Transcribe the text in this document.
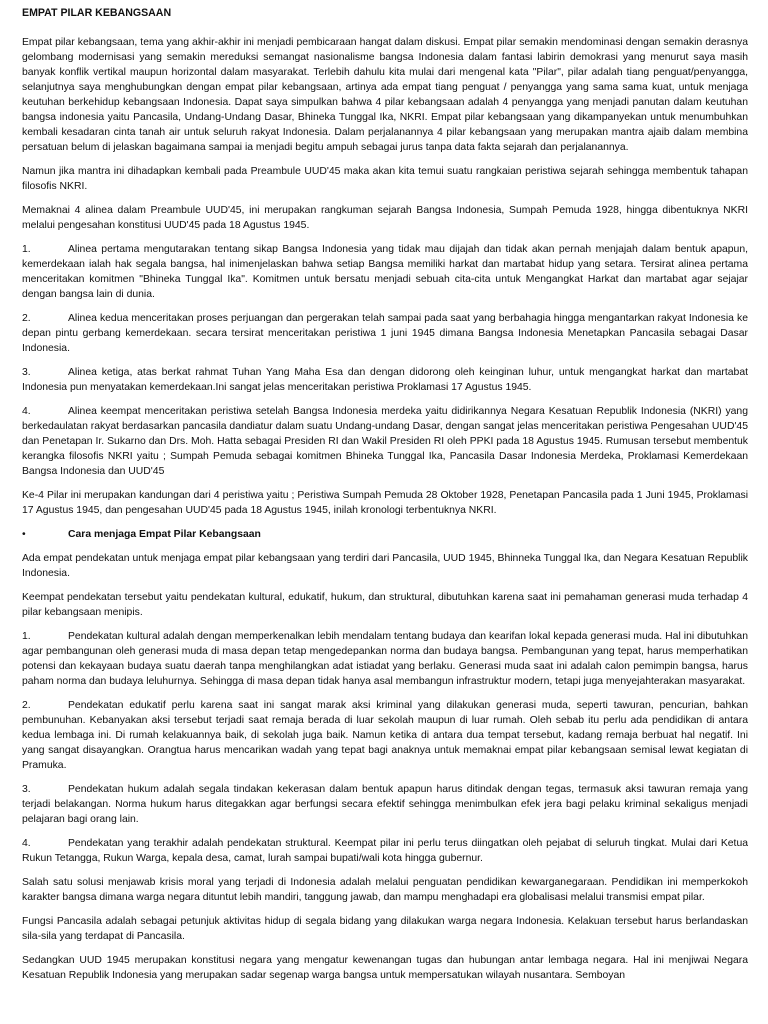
EMPAT PILAR KEBANGSAAN

Empat pilar kebangsaan, tema yang akhir-akhir ini menjadi pembicaraan hangat dalam diskusi. Empat pilar semakin mendominasi dengan semakin derasnya gelombang modernisasi yang semakin mereduksi semangat nasionalisme bangsa Indonesia dalam fantasi labirin demokrasi yang menurut saya masih banyak konflik vertikal maupun horizontal dalam masyarakat. Terlebih dahulu kita mulai dari mengenal kata "Pilar", pilar adalah tiang penguat/penyangga, selanjutnya saya menghubungkan dengan empat pilar kebangsaan, artinya ada empat tiang penguat / penyangga yang sama sama kuat, untuk menjaga keutuhan berkehidup kebangsaan Indonesia. Dapat saya simpulkan bahwa 4 pilar kebangsaan adalah 4 penyangga yang menjadi panutan dalam keutuhan bangsa indonesia yaitu Pancasila, Undang-Undang Dasar, Bhineka Tunggal Ika, NKRI. Empat pilar kebangsaan yang dikampanyekan untuk menumbuhkan kembali kesadaran cinta tanah air untuk seluruh rakyat Indonesia. Dalam perjalanannya 4 pilar kebangsaan yang merupakan mantra ajaib dalam membina persatuan belum di jelaskan bagaimana sampai ia menjadi begitu ampuh sebagai jurus tanpa data fakta sejarah dan perjalanannya.

Namun jika mantra ini dihadapkan kembali pada Preambule UUD'45 maka akan kita temui suatu rangkaian peristiwa sejarah sehingga membentuk tahapan filosofis NKRI.

Memaknai 4 alinea dalam Preambule UUD'45, ini merupakan rangkuman sejarah Bangsa Indonesia, Sumpah Pemuda 1928, hingga dibentuknya NKRI melalui pengesahan konstitusi UUD'45 pada 18 Agustus 1945.

1.	Alinea pertama mengutarakan tentang sikap Bangsa Indonesia yang tidak mau dijajah dan tidak akan pernah menjajah dalam bentuk apapun, kemerdekaan ialah hak segala bangsa, hal inimenjelaskan bahwa setiap Bangsa memiliki harkat dan martabat hidup yang setara. Tersirat alinea pertama menceritakan komitmen "Bhineka Tunggal Ika". Komitmen untuk bersatu menjadi sebuah cita-cita untuk Mengangkat Harkat dan martabat agar sejajar dengan bangsa lain di dunia.

2.	Alinea kedua menceritakan proses perjuangan dan pergerakan telah sampai pada saat yang berbahagia hingga mengantarkan rakyat Indonesia ke depan pintu gerbang kemerdekaan. secara tersirat menceritakan peristiwa 1 juni 1945 dimana Bangsa Indonesia Menetapkan Pancasila sebagai Dasar Indonesia.

3.	Alinea ketiga, atas berkat rahmat Tuhan Yang Maha Esa dan dengan didorong oleh keinginan luhur, untuk mengangkat harkat dan martabat Indonesia pun menyatakan kemerdekaan.Ini sangat jelas menceritakan peristiwa Proklamasi 17 Agustus 1945.

4.	Alinea keempat menceritakan peristiwa setelah Bangsa Indonesia merdeka yaitu didirikannya Negara Kesatuan Republik Indonesia (NKRI) yang berkedaulatan rakyat berdasarkan pancasila dandiatur dalam suatu Undang-undang Dasar, dengan sangat jelas menceritakan peristiwa Pengesahan UUD'45 dan Penetapan Ir. Sukarno dan Drs. Moh. Hatta sebagai Presiden RI dan Wakil Presiden RI oleh PPKI pada 18 Agustus 1945. Rumusan tersebut membentuk kerangka filosofis NKRI yaitu ; Sumpah Pemuda sebagai komitmen Bhineka Tunggal Ika, Pancasila Dasar Indonesia Merdeka, Proklamasi Kemerdekaan Bangsa Indonesia dan UUD'45

Ke-4 Pilar ini merupakan kandungan dari 4 peristiwa yaitu ; Peristiwa Sumpah Pemuda 28 Oktober 1928, Penetapan Pancasila pada 1 Juni 1945, Proklamasi 17 Agustus 1945, dan pengesahan UUD'45 pada 18 Agustus 1945, inilah kronologi terbentuknya NKRI.

•	Cara menjaga Empat Pilar Kebangsaan

Ada empat pendekatan untuk menjaga empat pilar kebangsaan yang terdiri dari Pancasila, UUD 1945, Bhinneka Tunggal Ika, dan Negara Kesatuan Republik Indonesia.

Keempat pendekatan tersebut yaitu pendekatan kultural, edukatif, hukum, dan struktural, dibutuhkan karena saat ini pemahaman generasi muda terhadap 4 pilar kebangsaan menipis.

1.	Pendekatan kultural adalah dengan memperkenalkan lebih mendalam tentang budaya dan kearifan lokal kepada generasi muda. Hal ini dibutuhkan agar pembangunan oleh generasi muda di masa depan tetap mengedepankan norma dan budaya bangsa. Pembangunan yang tepat, harus memperhatikan potensi dan kekayaan budaya suatu daerah tanpa menghilangkan adat istiadat yang berlaku. Generasi muda saat ini adalah calon pemimpin bangsa, harus paham norma dan budaya leluhurnya. Sehingga di masa depan tidak hanya asal membangun infrastruktur modern, tetapi juga menyejahterakan masyarakat.

2.	Pendekatan edukatif perlu karena saat ini sangat marak aksi kriminal yang dilakukan generasi muda, seperti tawuran, pencurian, bahkan pembunuhan. Kebanyakan aksi tersebut terjadi saat remaja berada di luar sekolah maupun di luar rumah. Oleh sebab itu perlu ada pendidikan di antara kedua lembaga ini. Di rumah kelakuannya baik, di sekolah juga baik. Namun ketika di antara dua tempat tersebut, kadang remaja berbuat hal negatif. Ini yang sangat disayangkan. Orangtua harus mencarikan wadah yang tepat bagi anaknya untuk memaknai empat pilar kebangsaan semisal lewat kegiatan di Pramuka.

3.	Pendekatan hukum adalah segala tindakan kekerasan dalam bentuk apapun harus ditindak dengan tegas, termasuk aksi tawuran remaja yang terjadi belakangan. Norma hukum harus ditegakkan agar berfungsi secara efektif sehingga menimbulkan efek jera bagi pelaku kriminal sekaligus menjadi pelajaran bagi orang lain.

4.	Pendekatan yang terakhir adalah pendekatan struktural. Keempat pilar ini perlu terus diingatkan oleh pejabat di seluruh tingkat. Mulai dari Ketua Rukun Tetangga, Rukun Warga, kepala desa, camat, lurah sampai bupati/wali kota hingga gubernur.

Salah satu solusi menjawab krisis moral yang terjadi di Indonesia adalah melalui penguatan pendidikan kewarganegaraan. Pendidikan ini memperkokoh karakter bangsa dimana warga negara dituntut lebih mandiri, tanggung jawab, dan mampu menghadapi era globalisasi melalui transmisi empat pilar.

Fungsi Pancasila adalah sebagai petunjuk aktivitas hidup di segala bidang yang dilakukan warga negara Indonesia. Kelakuan tersebut harus berlandaskan sila-sila yang terdapat di Pancasila.

Sedangkan UUD 1945 merupakan konstitusi negara yang mengatur kewenangan tugas dan hubungan antar lembaga negara. Hal ini menjiwai Negara Kesatuan Republik Indonesia yang merupakan sadar segenap warga bangsa untuk mempersatukan wilayah nusantara. Semboyan
